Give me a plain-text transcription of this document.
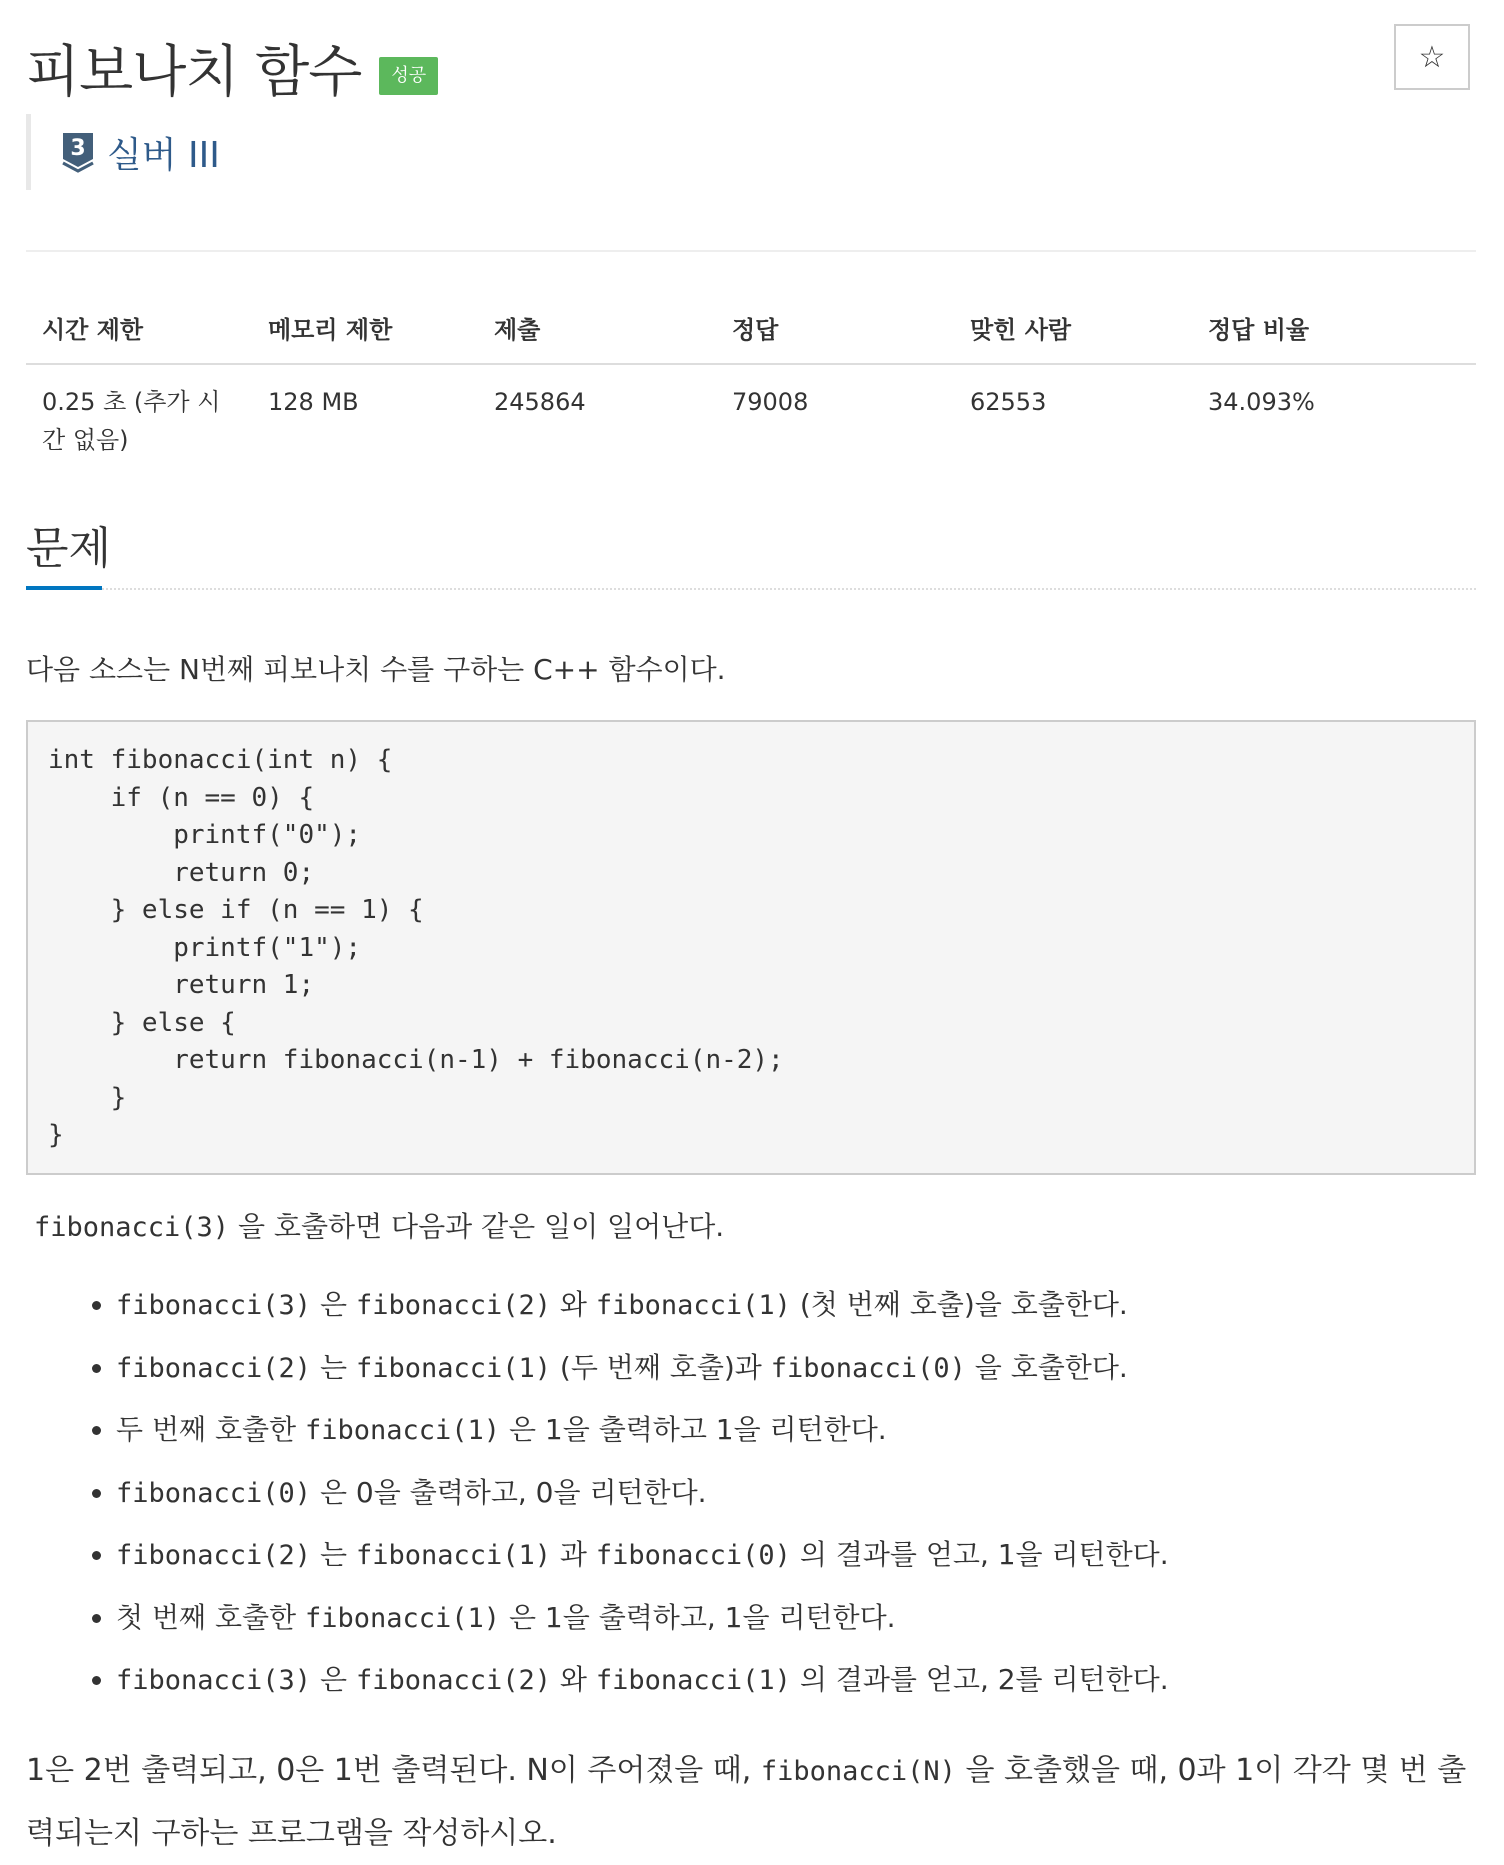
피보나치 함수	성공
☆
3 실버 III
시간 제한	메모리 제한	제출	정답	맞힌 사람	정답 비율
0.25 초 (추가 시간 없음)	128 MB	245864	79008	62553	34.093%
문제
다음 소스는 N번째 피보나치 수를 구하는 C++ 함수이다.
int fibonacci(int n) {
if (n == 0) {
printf("0");
return 0;
} else if (n == 1) {
printf("1");
return 1;
} else {
return fibonacci(n‐1) + fibonacci(n‐2);
}
}
fibonacci(3) 을 호출하면 다음과 같은 일이 일어난다.
• fibonacci(3) 은 fibonacci(2) 와 fibonacci(1) (첫 번째 호출)을 호출한다.
• fibonacci(2) 는 fibonacci(1) (두 번째 호출)과 fibonacci(0) 을 호출한다.
• 두 번째 호출한 fibonacci(1) 은 1을 출력하고 1을 리턴한다.
• fibonacci(0) 은 0을 출력하고, 0을 리턴한다.
• fibonacci(2) 는 fibonacci(1) 과 fibonacci(0) 의 결과를 얻고, 1을 리턴한다.
• 첫 번째 호출한 fibonacci(1) 은 1을 출력하고, 1을 리턴한다.
• fibonacci(3) 은 fibonacci(2) 와 fibonacci(1) 의 결과를 얻고, 2를 리턴한다.
1은 2번 출력되고, 0은 1번 출력된다. N이 주어졌을 때, fibonacci(N) 을 호출했을 때, 0과 1이 각각 몇 번 출력되는지 구하는 프로그램을 작성하시오.
